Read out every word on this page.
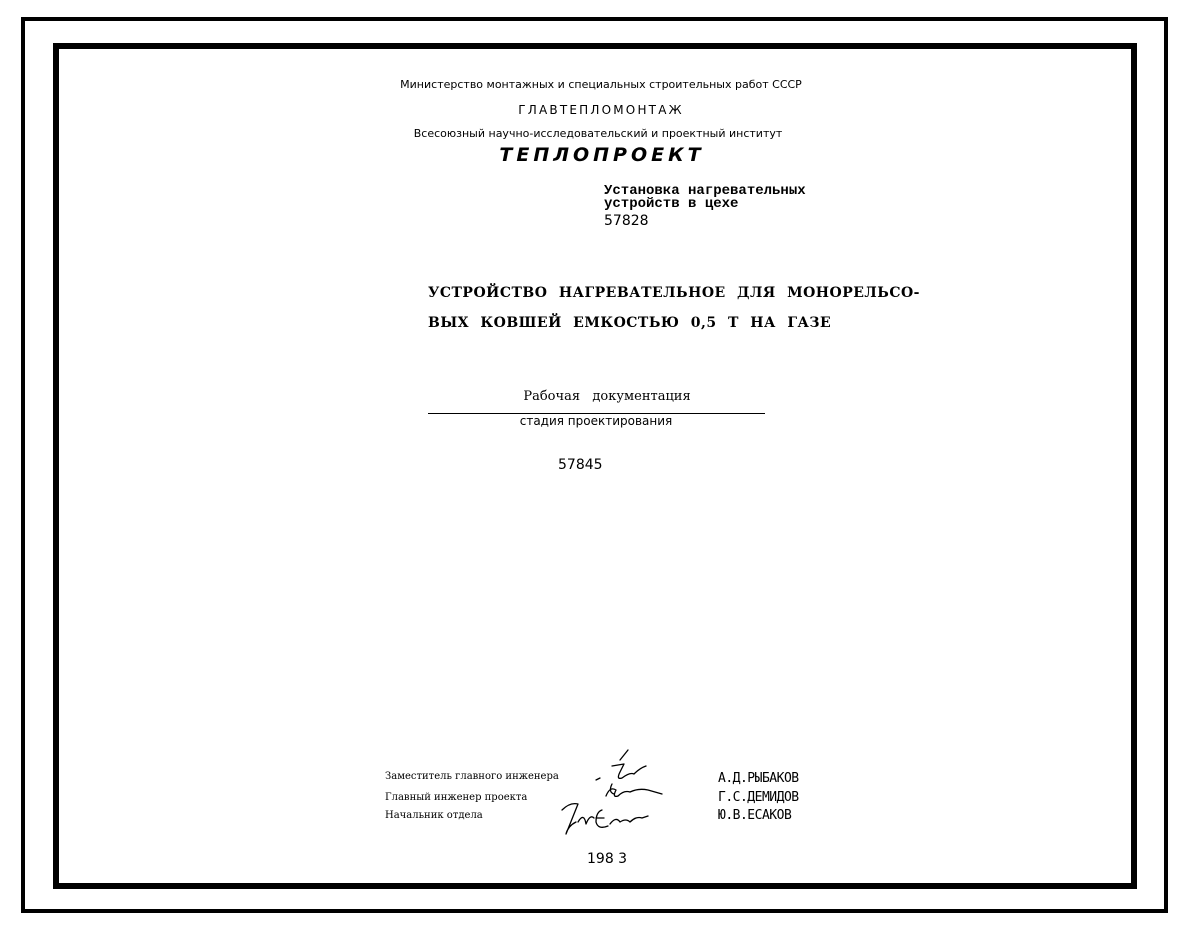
Министерство монтажных и специальных строительных работ СССР
ГЛАВТЕПЛОМОНТАЖ
Всесоюзный научно-исследовательский и проектный институт
ТЕПЛОПРОЕКТ
Установка нагревательных
устройств в цехе
57828
УСТРОЙСТВО НАГРЕВАТЕЛЬНОЕ ДЛЯ МОНОРЕЛЬСО-
ВЫХ КОВШЕЙ ЕМКОСТЬЮ 0,5 Т НА ГАЗЕ
Рабочая   документация
стадия проектирования
57845
Заместитель главного инженера
Главный инженер проекта
Начальник отдела
А.Д.РЫБАКОВ
Г.С.ДЕМИДОВ
Ю.В.ЕСАКОВ
198 3
